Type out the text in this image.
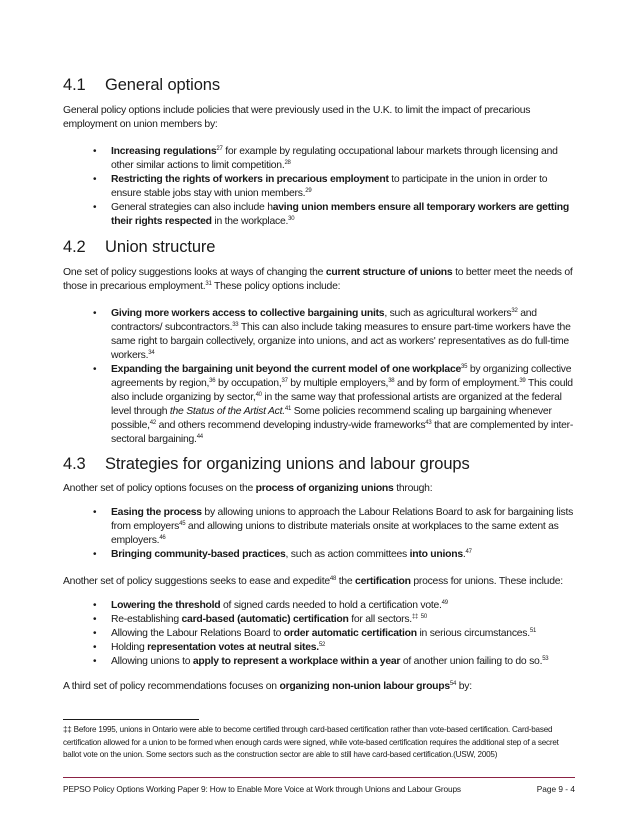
4.1 General options

General policy options include policies that were previously used in the U.K. to limit the impact of precarious employment on union members by:

• Increasing regulations$^{27}$ for example by regulating occupational labour markets through licensing and other similar actions to limit competition.$^{28}$
• Restricting the rights of workers in precarious employment to participate in the union in order to ensure stable jobs stay with union members.$^{29}$
• General strategies can also include having union members ensure all temporary workers are getting their rights respected in the workplace.$^{30}$
4.2 Union structure

One set of policy suggestions looks at ways of changing the current structure of unions to better meet the needs of those in precarious employment.$^{31}$ These policy options include:

• Giving more workers access to collective bargaining units, such as agricultural workers$^{32}$ and contractors/ subcontractors.$^{33}$ This can also include taking measures to ensure part-time workers have the same right to bargain collectively, organize into unions, and act as workers' representatives as do full-time workers.$^{34}$
• Expanding the bargaining unit beyond the current model of one workplace$^{35}$ by organizing collective agreements by region,$^{36}$ by occupation,$^{37}$ by multiple employers,$^{38}$ and by form of employment.$^{39}$ This could also include organizing by sector,$^{40}$ in the same way that professional artists are organized at the federal level through the Status of the Artist Act.$^{41}$ Some policies recommend scaling up bargaining whenever possible,$^{42}$ and others recommend developing industry-wide frameworks$^{43}$ that are complemented by inter-sectoral bargaining.$^{44}$
4.3 Strategies for organizing unions and labour groups

Another set of policy options focuses on the process of organizing unions through:

• Easing the process by allowing unions to approach the Labour Relations Board to ask for bargaining lists from employers$^{45}$ and allowing unions to distribute materials onsite at workplaces to the same extent as employers.$^{46}$
• Bringing community-based practices, such as action committees into unions.$^{47}$

Another set of policy suggestions seeks to ease and expedite$^{48}$ the certification process for unions. These include:

• Lowering the threshold of signed cards needed to hold a certification vote.$^{49}$
• Re-establishing card-based (automatic) certification for all sectors.‡‡ $^{50}$
• Allowing the Labour Relations Board to order automatic certification in serious circumstances.$^{51}$
• Holding representation votes at neutral sites.$^{52}$
• Allowing unions to apply to represent a workplace within a year of another union failing to do so.$^{53}$

A third set of policy recommendations focuses on organizing non-union labour groups$^{54}$ by:

‡‡ Before 1995, unions in Ontario were able to become certified through card-based certification rather than vote-based certification. Card-based certification allowed for a union to be formed when enough cards were signed, while vote-based certification requires the additional step of a secret ballot vote on the union. Some sectors such as the construction sector are able to still have card-based certification.(USW, 2005)

PEPSO Policy Options Working Paper 9: How to Enable More Voice at Work through Unions and Labour Groups	Page 9 - 4
